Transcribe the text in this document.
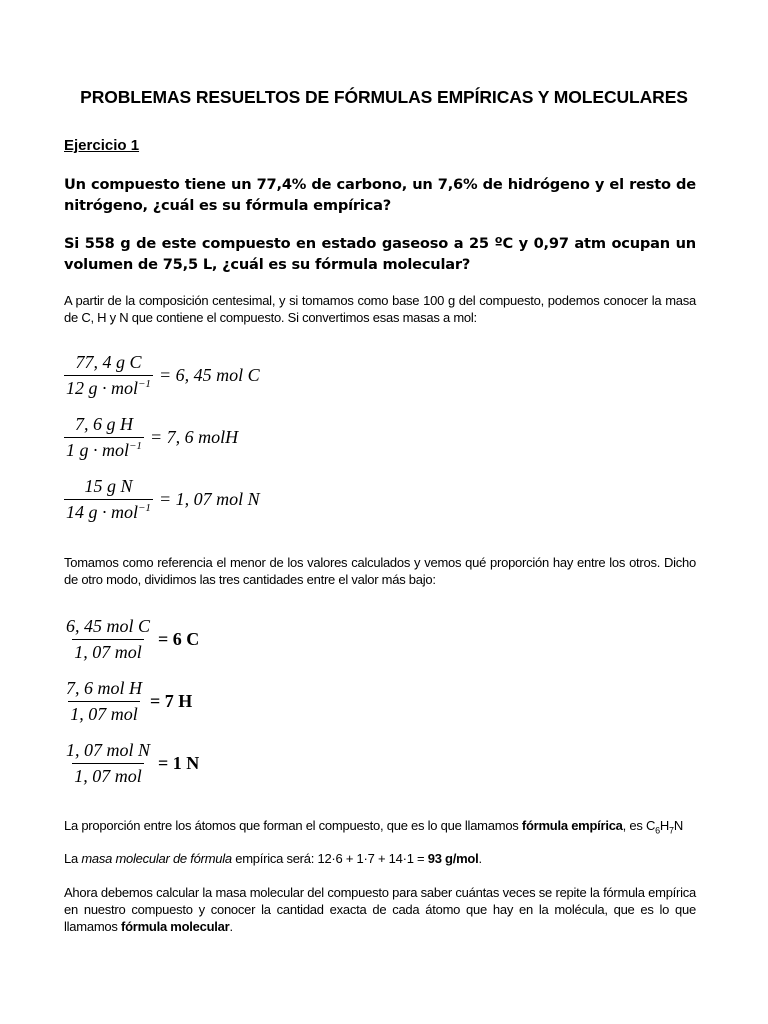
PROBLEMAS RESUELTOS DE FÓRMULAS EMPÍRICAS Y MOLECULARES
Ejercicio 1
Un compuesto tiene un 77,4% de carbono, un 7,6% de hidrógeno y el resto de nitrógeno, ¿cuál es su fórmula empírica?
Si 558 g de este compuesto en estado gaseoso a 25 ºC y 0,97 atm ocupan un volumen de 75,5 L, ¿cuál es su fórmula molecular?
A partir de la composición centesimal, y si tomamos como base 100 g del compuesto, podemos conocer la masa de C, H y N que contiene el compuesto. Si convertimos esas masas a mol:
$\frac{\text{77, 4 g C}}{12 g \cdot mol^{-1}} = 6$, 45 mol C
$\frac{\text{7, 6 g H}}{1 g \cdot mol^{-1}} = 7$, 6 molH
$\frac{\text{15 g N}}{14 g \cdot mol^{-1}} = 1$, 07 mol N
Tomamos como referencia el menor de los valores calculados y vemos qué proporción hay entre los otros. Dicho de otro modo, dividimos las tres cantidades entre el valor más bajo:
$\frac{\text{6, 45 mol C}}{\text{1, 07 mol}} = 6$ C
$\frac{\text{7, 6 mol H}}{\text{1, 07 mol}} = 7$ H
$\frac{\text{1, 07 mol N}}{\text{1, 07 mol}} = 1$ N
La proporción entre los átomos que forman el compuesto, que es lo que llamamos fórmula empírica, es $C_6H_7N$
La masa molecular de fórmula empírica será: 12·6 + 1·7 + 14·1 = 93 g/mol.
Ahora debemos calcular la masa molecular del compuesto para saber cuántas veces se repite la fórmula empírica en nuestro compuesto y conocer la cantidad exacta de cada átomo que hay en la molécula, que es lo que llamamos fórmula molecular.
